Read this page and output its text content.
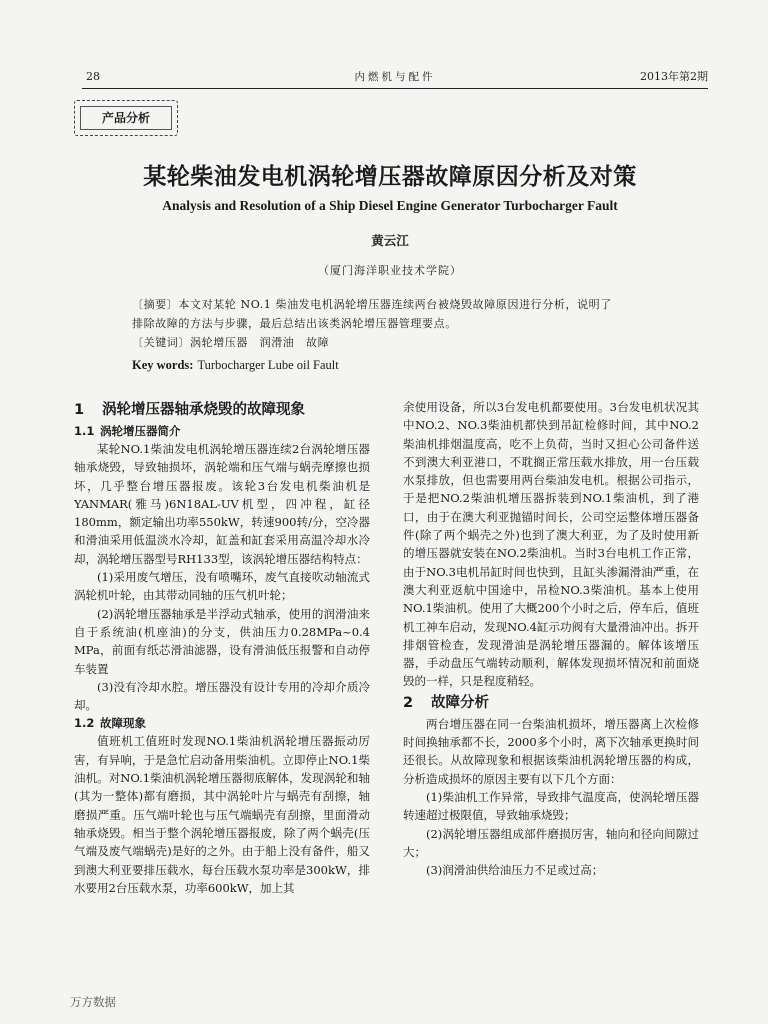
28	内燃机与配件	2013年第2期
产品分析
某轮柴油发电机涡轮增压器故障原因分析及对策
Analysis and Resolution of a Ship Diesel Engine Generator Turbocharger Fault
黄云江
（厦门海洋职业技术学院）
〔摘要〕本文对某轮 NO.1 柴油发电机涡轮增压器连续两台被烧毁故障原因进行分析，说明了
排除故障的方法与步骤，最后总结出该类涡轮增压器管理要点。
〔关键词〕涡轮增压器　润滑油　故障
Key words: Turbocharger Lube oil Fault
1 涡轮增压器轴承烧毁的故障现象
1.1 涡轮增压器简介

某轮NO.1柴油发电机涡轮增压器连续2台涡轮增压器轴承烧毁，导致轴损坏，涡轮端和压气端与蜗壳摩擦也损坏，几乎整台增压器报废。该轮3台发电机柴油机是YANMAR(雅马)6N18AL-UV机型，四冲程，缸径180mm，额定输出功率550kW，转速900转/分，空冷器和滑油采用低温淡水冷却，缸盖和缸套采用高温冷却水冷却，涡轮增压器型号RH133型，该涡轮增压器结构特点：

(1)采用废气增压，没有喷嘴环，废气直接吹动轴流式涡轮机叶轮，由其带动同轴的压气机叶轮；

(2)涡轮增压器轴承是半浮动式轴承，使用的润滑油来自于系统油(机座油)的分支，供油压力0.28MPa~0.4 MPa，前面有纸芯滑油滤器，设有滑油低压报警和自动停车装置

(3)没有冷却水腔。增压器没有设计专用的冷却介质冷却。

1.2 故障现象

值班机工值班时发现NO.1柴油机涡轮增压器振动厉害，有异响，于是急忙启动备用柴油机。立即停止NO.1柴油机。对NO.1柴油机涡轮增压器彻底解体，发现涡轮和轴(其为一整体)都有磨损，其中涡轮叶片与蜗壳有刮擦，轴磨损严重。压气端叶轮也与压气端蜗壳有刮擦，里面滑动轴承烧毁。相当于整个涡轮增压器报废，除了两个蜗壳(压气端及废气端蜗壳)是好的之外。由于船上没有备件，船又到澳大利亚要排压载水，每台压载水泵功率是300kW，排水要用2台压载水泵，功率600kW，加上其

余使用设备，所以3台发电机都要使用。3台发电机状况其中NO.2、NO.3柴油机都快到吊缸检修时间，其中NO.2柴油机排烟温度高，吃不上负荷，当时又担心公司备件送不到澳大利亚港口，不耽搁正常压载水排放，用一台压载水泵排放，但也需要用两台柴油发电机。根据公司指示，于是把NO.2柴油机增压器拆装到NO.1柴油机，到了港口，由于在澳大利亚抛锚时间长，公司空运整体增压器备件(除了两个蜗壳之外)也到了澳大利亚，为了及时使用新的增压器就安装在NO.2柴油机。当时3台电机工作正常，由于NO.3电机吊缸时间也快到，且缸头渗漏滑油严重，在澳大利亚返航中国途中，吊检NO.3柴油机。基本上使用NO.1柴油机。使用了大概200个小时之后，停车后，值班机工神车启动，发现NO.4缸示功阀有大量滑油冲出。拆开排烟管检查，发现滑油是涡轮增压器漏的。解体该增压器，手动盘压气端转动顺利，解体发现损坏情况和前面烧毁的一样，只是程度稍轻。

2 故障分析

两台增压器在同一台柴油机损坏，增压器离上次检修时间换轴承都不长，2000多个小时，离下次轴承更换时间还很长。从故障现象和根据该柴油机涡轮增压器的构成，分析造成损坏的原因主要有以下几个方面：

(1)柴油机工作异常，导致排气温度高，使涡轮增压器转速超过极限值，导致轴承烧毁；

(2)涡轮增压器组成部件磨损厉害，轴向和径向间隙过大；

(3)润滑油供给油压力不足或过高；

万方数据
